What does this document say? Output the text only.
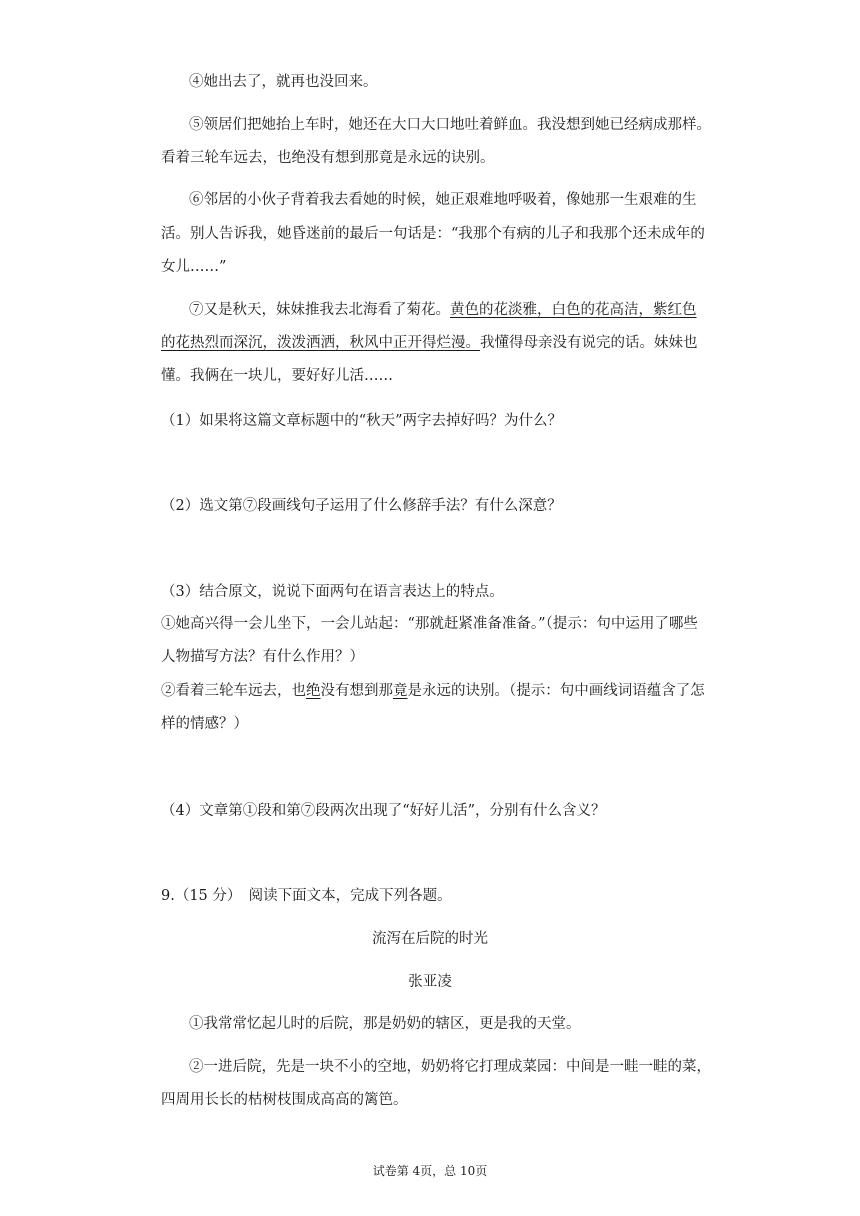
④她出去了，就再也没回来。
⑤领居们把她抬上车时，她还在大口大口地吐着鲜血。我没想到她已经病成那样。
看着三轮车远去，也绝没有想到那竟是永远的诀别。
⑥邻居的小伙子背着我去看她的时候，她正艰难地呼吸着，像她那一生艰难的生
活。别人告诉我，她昏迷前的最后一句话是：“我那个有病的儿子和我那个还未成年的
女儿……”
⑦又是秋天，妹妹推我去北海看了菊花。黄色的花淡雅，白色的花高洁，紫红色
的花热烈而深沉，泼泼洒洒，秋风中正开得烂漫。我懂得母亲没有说完的话。妹妹也
懂。我俩在一块儿，要好好儿活……
（1）如果将这篇文章标题中的“秋天”两字去掉好吗？为什么？
（2）选文第⑦段画线句子运用了什么修辞手法？有什么深意？
（3）结合原文，说说下面两句在语言表达上的特点。
①她高兴得一会儿坐下，一会儿站起：“那就赶紧准备准备。”（提示：句中运用了哪些
人物描写方法？有什么作用？）
②看着三轮车远去，也绝没有想到那竟是永远的诀别。（提示：句中画线词语蕴含了怎
样的情感？）
（4）文章第①段和第⑦段两次出现了“好好儿活”，分别有什么含义？
9.（15 分）　阅读下面文本，完成下列各题。
流泻在后院的时光
张亚凌
①我常常忆起儿时的后院，那是奶奶的辖区，更是我的天堂。
②一进后院，先是一块不小的空地，奶奶将它打理成菜园：中间是一畦一畦的菜，
四周用长长的枯树枝围成高高的篱笆。
试卷第 4页，总 10页
